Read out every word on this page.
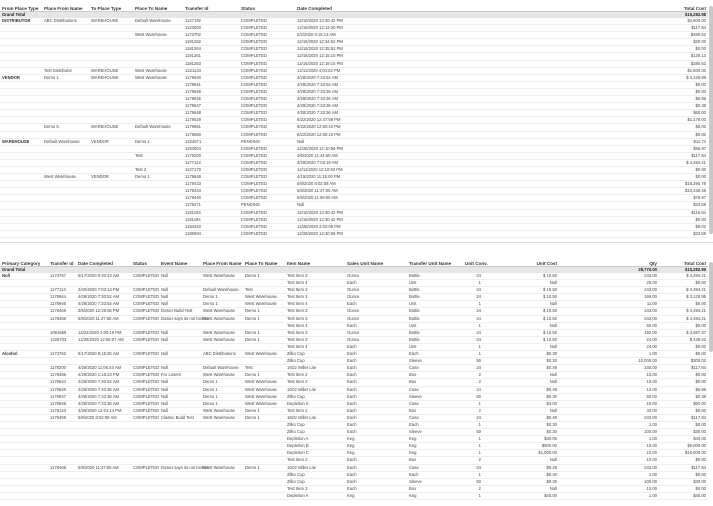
From Place Type	Place From Name	To Place Type	Place To Name	Transfer Id	Status	Date Completed		Total Cost
Grand Total								$15,282.98
DISTRIBUTOR	ABC Distributions	WAREHOUSE	Default Warehouse	1127192	COMPLETED	12/15/2020 12:30:42 PM		$2,600.00
				1123000	COMPLETED	12/15/2020 12:13:20 PM		$117.84
			West Warehouse	1173702	COMPLETED	2/2/2020 9:15:13 AM		$480.62
				1181262	COMPLETED	12/15/2020 12:34:52 PM		$20.00
				1181264	COMPLETED	12/15/2020 12:35:52 PM		$0.00
				1181261	COMPLETED	12/15/2020 12:15:10 PM		$130.13
				1181263	COMPLETED	12/15/2020 12:19:15 PM		$280.63
	Test Distributor	WAREHOUSE	West Warehouse	1221143	COMPLETED	12/11/2020 4:04:02 PM		$1,600.00
VENDOR	Demo 1	WAREHOUSE	West Warehouse	1179640	COMPLETED	4/28/2020 7:33:52 AM		$ 3,128.95
				1179641	COMPLETED	4/28/2020 7:33:52 AM		$0.00
				1179646	COMPLETED	4/28/2020 7:33:36 AM		$0.00
				1179645	COMPLETED	4/28/2020 7:33:36 AM		$5.96
				1179647	COMPLETED	4/28/2020 7:33:36 AM		$0.38
				1179648	COMPLETED	4/28/2020 7:33:36 AM		$60.00
				1179629	COMPLETED	6/22/2020 12:47:58 PM		$1,179.00
	Demo 5	WAREHOUSE	Default Warehouse	1179661	COMPLETED	6/22/2020 12:50:10 PM		$0.00
				1179660	COMPLETED	6/22/2020 12:50:10 PM		$0.00
WAREHOUSE	Default Warehouse	VENDOR	Demo 1	1224671	PENDING	Null		$11.74
				1193004	COMPLETED	12/28/2020 12:10:56 PM		$56.97
			Test	1179200	COMPLETED	3/6/2020 11:44:50 AM		$117.84
				1177113	COMPLETED	3/28/2020 7:03:19 AM		$ 4,494.21
			Test 2	1127170	COMPLETED	12/11/2020 12:10:53 PM		$0.00
	West Warehouse	VENDOR	Demo 1	1179648	COMPLETED	4/15/2020 11:15:00 PM		$0.00
				1179433	COMPLETED	5/8/2020 8:02:08 AM		$16,295.78
				1179434	COMPLETED	5/8/2020 11:47:05 AM		$10,439.48
				1179440	COMPLETED	5/8/2020 11:59:05 AM		$78.97
				1179271	PENDING	Null		$23.59
				1181193	COMPLETED	12/15/2020 12:30:42 PM		$115.94
				1181194	COMPLETED	12/15/2020 12:30:42 PM		$0.00
				1184433	COMPLETED	12/28/2020 2:02:05 PM		$8.02
				1185594	COMPLETED	12/28/2020 12:40:56 PM		$23.59
Primary Category	Transfer Id	Date Completed	Status	Event Name	Place From Name	Place To Name	Item Name	Sales Unit Name	Transfer Unit Name	Unit Conv.		Unit Cost		Qty	Total Cost
Grand Total														28,770.00	$15,282.99
Null	1173767	6/17/2020 8:30:43 AM	COMPLETED	Null	West Warehouse	Demo 1	Test Item 3	Ounce	Bottle	24		$ 10.50		243.00	$ 4,494.21
							Test Item 4	Each	Unit	1		Null		25.00	$0.00
	1177113	2/20/2020 7:03:13 PM	COMPLETED	Null	Default Warehouse	Test	Test Item 3	Ounce	Bottle	24		$ 10.50		243.00	$ 4,494.21
	1178944	4/29/2020 7:30:52 AM	COMPLETED	Null	Demo 1	West Warehouse	Test Item 3	Ounce	Bottle	24		$ 10.50		169.00	$ 3,128.95
	1178946	4/28/2020 7:33:54 AM	COMPLETED	Null	Demo 1	West Warehouse	Test Item 4	Each	Unit	1		Null		11.00	$0.00
	1178469	3/6/2020 12:38:05 PM	COMPLETED	Dosier Build Test	West Warehouse	Demo 1	Test Item 3	Ounce	Bottle	24		$ 10.50		243.00	$ 4,494.21
	1178468	5/8/2020 11:47:55 AM	COMPLETED	Dosier says its not broken	West Warehouse	Demo 1	Test Item 3	Ounce	Bottle	24		$ 10.50		243.00	$ 4,494.21
							Test Item 4	Each	Unit	1		Null		50.00	$0.00
	1091669	12/22/2020 2:00:16 PM	COMPLETED	Null	West Warehouse	Demo 1	Test Item 3	Ounce	Bottle	24		$ 10.50		192.00	$ 3,587.37
	1226733	12/28/2020 12:55:07 AM	COMPLETED	Null	West Warehouse	Demo 1	Test Item 3	Ounce	Bottle	24		$ 10.50		24.00	$ 448.42
							Test Item 4	Each	Unit	1		Null		24.00	$0.00
Alcohol	1173762	6/17/2020 8:15:25 AM	COMPLETED	Null	ABC Distributions	West Warehouse	Zilko Cup	Each	Each	1		$0.30		1.00	$0.00
							Zilko Cup	Each	Sleeve	50		$0.30		10,000.00	$300.02
	1178200	4/29/2020 11:06:44 AM	COMPLETED	Null	Default Warehouse	Test	16Oz Miller Lite	Each	Case	24		$0.49		240.00	$117.84
	1178456	4/29/2020 1:15:23 PM	COMPLETED	For Losers	West Warehouse	Demo 1	Test Item 2	Each	Box	2		Null		10.00	$0.00
	1178944	4/28/2020 7:30:52 AM	COMPLETED	Null	Demo 1	West Warehouse	Test Item 2	Each	Box	2		Null		10.00	$0.00
	1178945	4/28/2020 7:33:36 AM	COMPLETED	Null	Demo 1	West Warehouse	16Oz Miller Lite	Each	Case	24		$0.49		12.00	$5.96
	1178947	4/28/2020 7:33:36 AM	COMPLETED	Null	Demo 1	West Warehouse	Zilko Cup	Each	Sleeve	50		$0.30		50.00	$0.38
	1178948	4/28/2020 7:33:36 AM	COMPLETED	Null	Demo 1	West Warehouse	Depletion K	Each	Case	1		$4.00		15.00	$60.00
	1178123	4/29/2020 12:01:14 PM	COMPLETED	Null	West Warehouse	Demo 1	Test Item 2	Each	Box	2		Null		40.00	$0.00
	1178459	5/8/2020 8:02:08 AM	COMPLETED	Classic Build Test	West Warehouse	Demo 1	16Oz Miller Lite	Each	Case	24		$0.49		243.00	$117.84
							Zilko Cup	Each	Each	1		$0.30		1.00	$0.00
							Zilko Cup	Each	Sleeve	50		$0.30		100.00	$30.00
							Depletion A	Keg	Keg	1		$40.00		1.00	$40.00
							Depletion B	Keg	Keg	1		$600.00		10.00	$6,000.00
							Depletion C	Keg	Keg	1		$1,000.00		10.00	$10,000.00
							Test Item 2	Each	Box	2		Null		10.00	$0.00
	1178468	5/8/2020 11:47:55 AM	COMPLETED	Dosier says its not broken	West Warehouse	Demo 1	16Oz Miller Lite	Each	Case	24		$0.49		243.00	$117.84
							Zilko Cup	Each	Each	1		$0.30		1.00	$0.00
							Zilko Cup	Each	Sleeve	50		$0.30		100.00	$30.00
							Test Item 2	Each	Box	2		Null		10.00	$0.00
							Depletion A	Keg	Keg	1		$40.00		1.00	$40.00
